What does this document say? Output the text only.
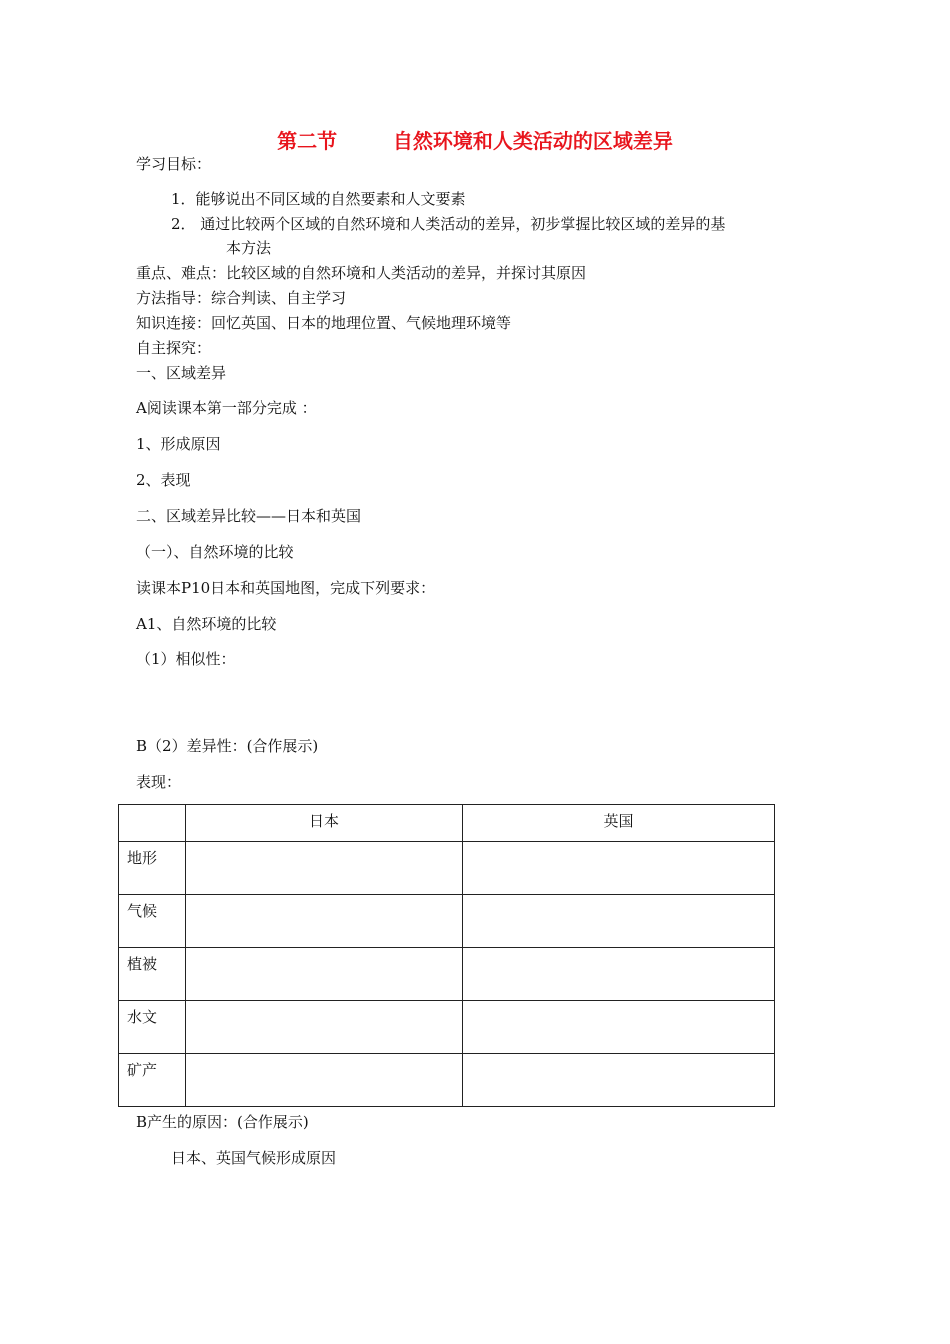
第二节        自然环境和人类活动的区域差异
学习目标：
1．能够说出不同区域的自然要素和人文要素
2． 通过比较两个区域的自然环境和人类活动的差异，初步掌握比较区域的差异的基
本方法
重点、难点：比较区域的自然环境和人类活动的差异，并探讨其原因
方法指导：综合判读、自主学习
知识连接：回忆英国、日本的地理位置、气候地理环境等
自主探究：
一、区域差异
A阅读课本第一部分完成 ：
1、形成原因
2、表现
二、区域差异比较——日本和英国
（一）、自然环境的比较
读课本P10日本和英国地图，完成下列要求：
A1、自然环境的比较
（1）相似性：
B（2）差异性：(合作展示)
表现：
	日本	英国
地形		
气候		
植被		
水文		
矿产		
B产生的原因：(合作展示)
日本、英国气候形成原因
